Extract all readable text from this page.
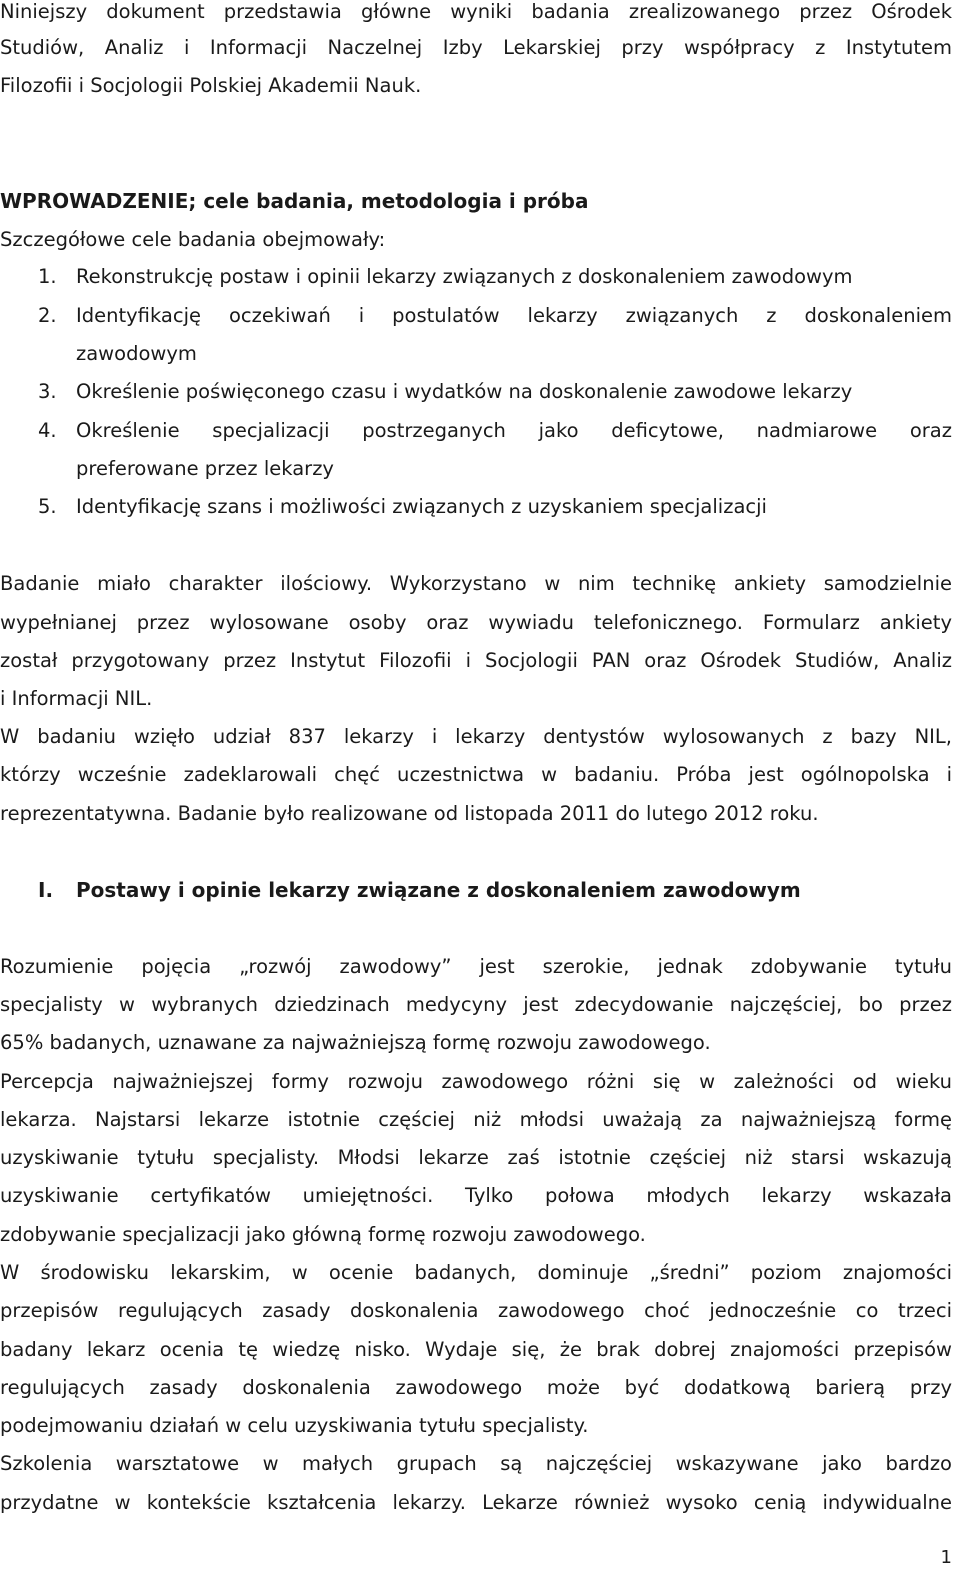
Niniejszy dokument przedstawia główne wyniki badania zrealizowanego przez Ośrodek
Studiów, Analiz i Informacji Naczelnej Izby Lekarskiej przy współpracy z Instytutem
Filozofii i Socjologii Polskiej Akademii Nauk.
WPROWADZENIE; cele badania, metodologia i próba
Szczegółowe cele badania obejmowały:
1. Rekonstrukcję postaw i opinii lekarzy związanych z doskonaleniem zawodowym
2. Identyfikację oczekiwań i postulatów lekarzy związanych z doskonaleniem
zawodowym
3. Określenie poświęconego czasu i wydatków na doskonalenie zawodowe lekarzy
4. Określenie specjalizacji postrzeganych jako deficytowe, nadmiarowe oraz
preferowane przez lekarzy
5. Identyfikację szans i możliwości związanych z uzyskaniem specjalizacji
Badanie miało charakter ilościowy. Wykorzystano w nim technikę ankiety samodzielnie
wypełnianej przez wylosowane osoby oraz wywiadu telefonicznego. Formularz ankiety
został przygotowany przez Instytut Filozofii i Socjologii PAN oraz Ośrodek Studiów, Analiz
i Informacji NIL.
W badaniu wzięło udział 837 lekarzy i lekarzy dentystów wylosowanych z bazy NIL,
którzy wcześnie zadeklarowali chęć uczestnictwa w badaniu. Próba jest ogólnopolska i
reprezentatywna. Badanie było realizowane od listopada 2011 do lutego 2012 roku.
I. Postawy i opinie lekarzy związane z doskonaleniem zawodowym
Rozumienie pojęcia „rozwój zawodowy” jest szerokie, jednak zdobywanie tytułu
specjalisty w wybranych dziedzinach medycyny jest zdecydowanie najczęściej, bo przez
65% badanych, uznawane za najważniejszą formę rozwoju zawodowego.
Percepcja najważniejszej formy rozwoju zawodowego różni się w zależności od wieku
lekarza. Najstarsi lekarze istotnie częściej niż młodsi uważają za najważniejszą formę
uzyskiwanie tytułu specjalisty. Młodsi lekarze zaś istotnie częściej niż starsi wskazują
uzyskiwanie certyfikatów umiejętności. Tylko połowa młodych lekarzy wskazała
zdobywanie specjalizacji jako główną formę rozwoju zawodowego.
W środowisku lekarskim, w ocenie badanych, dominuje „średni” poziom znajomości
przepisów regulujących zasady doskonalenia zawodowego choć jednocześnie co trzeci
badany lekarz ocenia tę wiedzę nisko. Wydaje się, że brak dobrej znajomości przepisów
regulujących zasady doskonalenia zawodowego może być dodatkową barierą przy
podejmowaniu działań w celu uzyskiwania tytułu specjalisty.
Szkolenia warsztatowe w małych grupach są najczęściej wskazywane jako bardzo
przydatne w kontekście kształcenia lekarzy. Lekarze również wysoko cenią indywidualne
1
